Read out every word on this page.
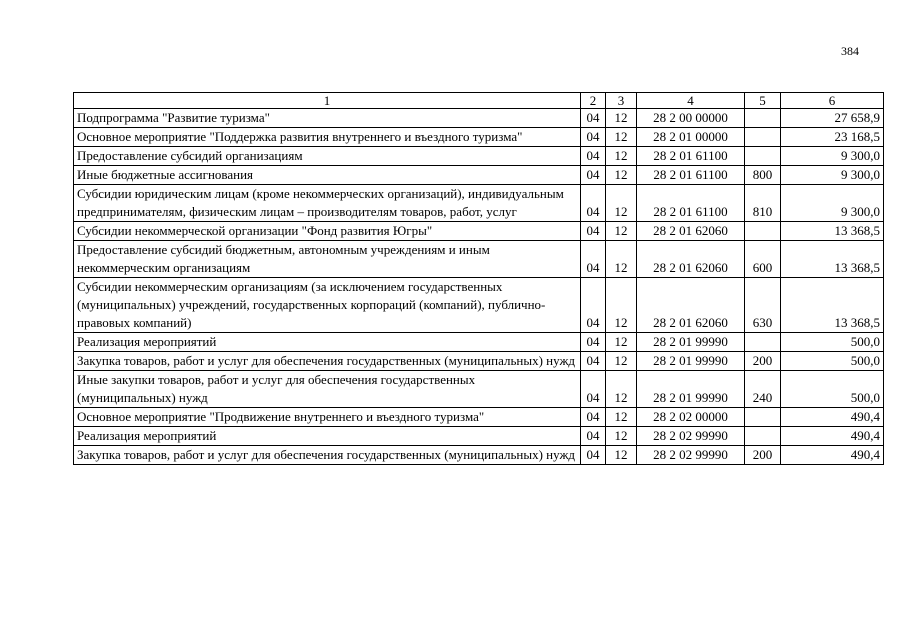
384
1	2	3	4	5	6
Подпрограмма "Развитие туризма"	04	12	28 2 00 00000		27 658,9
Основное мероприятие "Поддержка развития внутреннего и въездного туризма"	04	12	28 2 01 00000		23 168,5
Предоставление субсидий организациям	04	12	28 2 01 61100		9 300,0
Иные бюджетные ассигнования	04	12	28 2 01 61100	800	9 300,0
Субсидии юридическим лицам (кроме некоммерческих организаций), индивидуальным предпринимателям, физическим лицам – производителям товаров, работ, услуг	04	12	28 2 01 61100	810	9 300,0
Субсидии некоммерческой организации "Фонд развития Югры"	04	12	28 2 01 62060		13 368,5
Предоставление субсидий бюджетным, автономным учреждениям и иным некоммерческим организациям	04	12	28 2 01 62060	600	13 368,5
Субсидии некоммерческим организациям (за исключением государственных (муниципальных) учреждений, государственных корпораций (компаний), публично-правовых компаний)	04	12	28 2 01 62060	630	13 368,5
Реализация мероприятий	04	12	28 2 01 99990		500,0
Закупка товаров, работ и услуг для обеспечения государственных (муниципальных) нужд	04	12	28 2 01 99990	200	500,0
Иные закупки товаров, работ и услуг для обеспечения государственных (муниципальных) нужд	04	12	28 2 01 99990	240	500,0
Основное мероприятие "Продвижение внутреннего и въездного туризма"	04	12	28 2 02 00000		490,4
Реализация мероприятий	04	12	28 2 02 99990		490,4
Закупка товаров, работ и услуг для обеспечения государственных (муниципальных) нужд	04	12	28 2 02 99990	200	490,4
